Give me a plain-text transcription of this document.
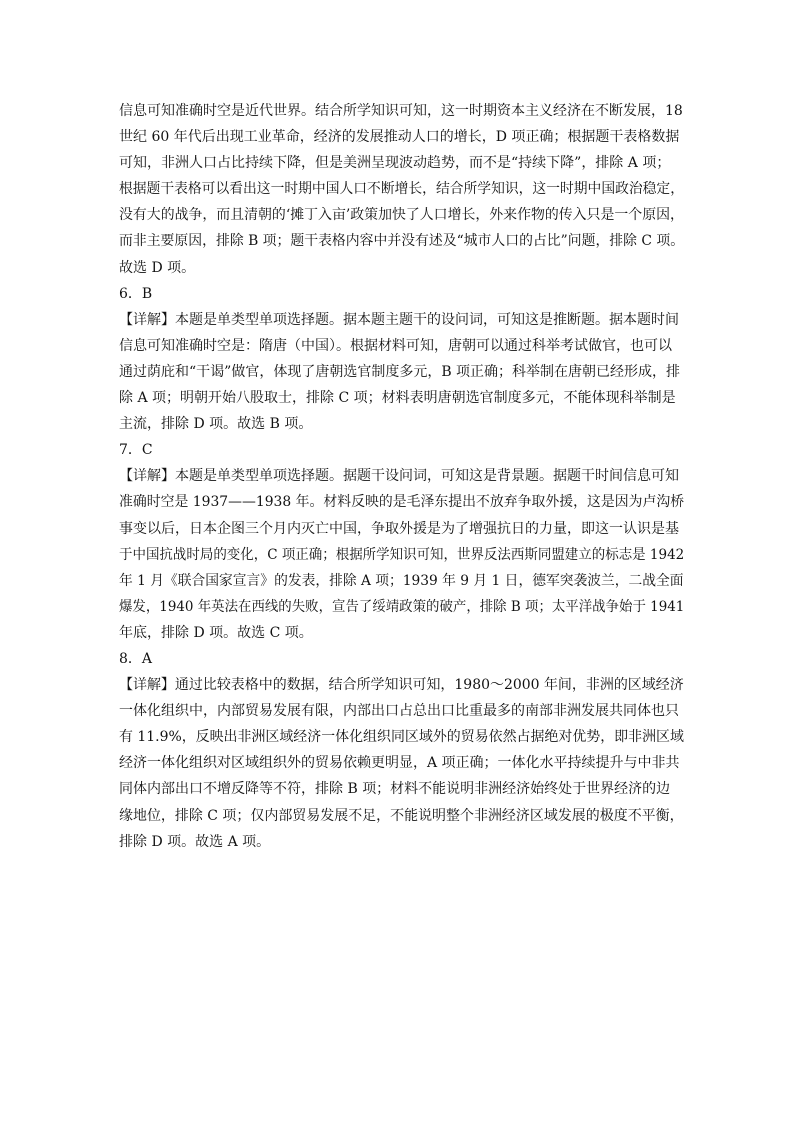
信息可知准确时空是近代世界。结合所学知识可知，这一时期资本主义经济在不断发展，18
世纪 60 年代后出现工业革命，经济的发展推动人口的增长，D 项正确；根据题干表格数据
可知，非洲人口占比持续下降，但是美洲呈现波动趋势，而不是“持续下降”，排除 A 项；
根据题干表格可以看出这一时期中国人口不断增长，结合所学知识，这一时期中国政治稳定，
没有大的战争，而且清朝的‘摊丁入亩’政策加快了人口增长，外来作物的传入只是一个原因，
而非主要原因，排除 B 项；题干表格内容中并没有述及“城市人口的占比”问题，排除 C 项。
故选 D 项。
6．B
【详解】本题是单类型单项选择题。据本题主题干的设问词，可知这是推断题。据本题时间
信息可知准确时空是：隋唐（中国）。根据材料可知，唐朝可以通过科举考试做官，也可以
通过荫庇和“干谒”做官，体现了唐朝选官制度多元，B 项正确；科举制在唐朝已经形成，排
除 A 项；明朝开始八股取士，排除 C 项；材料表明唐朝选官制度多元，不能体现科举制是
主流，排除 D 项。故选 B 项。
7．C
【详解】本题是单类型单项选择题。据题干设问词，可知这是背景题。据题干时间信息可知
准确时空是 1937——1938 年。材料反映的是毛泽东提出不放弃争取外援，这是因为卢沟桥
事变以后，日本企图三个月内灭亡中国，争取外援是为了增强抗日的力量，即这一认识是基
于中国抗战时局的变化，C 项正确；根据所学知识可知，世界反法西斯同盟建立的标志是 1942
年 1 月《联合国家宣言》的发表，排除 A 项；1939 年 9 月 1 日，德军突袭波兰，二战全面
爆发，1940 年英法在西线的失败，宣告了绥靖政策的破产，排除 B 项；太平洋战争始于 1941
年底，排除 D 项。故选 C 项。
8．A
【详解】通过比较表格中的数据，结合所学知识可知，1980～2000 年间，非洲的区域经济
一体化组织中，内部贸易发展有限，内部出口占总出口比重最多的南部非洲发展共同体也只
有 11.9%，反映出非洲区域经济一体化组织同区域外的贸易依然占据绝对优势，即非洲区域
经济一体化组织对区域组织外的贸易依赖更明显，A 项正确；一体化水平持续提升与中非共
同体内部出口不增反降等不符，排除 B 项；材料不能说明非洲经济始终处于世界经济的边
缘地位，排除 C 项；仅内部贸易发展不足，不能说明整个非洲经济区域发展的极度不平衡，
排除 D 项。故选 A 项。
